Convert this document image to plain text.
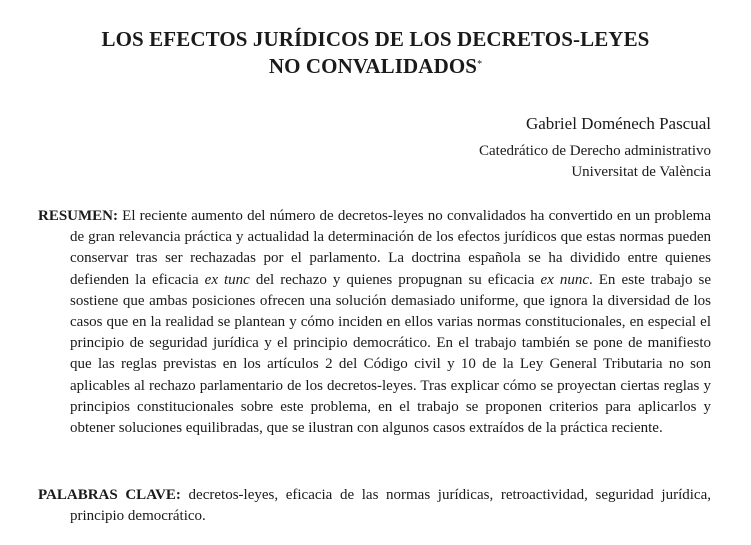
LOS EFECTOS JURÍDICOS DE LOS DECRETOS-LEYES
NO CONVALIDADOS*
Gabriel Doménech Pascual
Catedrático de Derecho administrativo
Universitat de València

RESUMEN: El reciente aumento del número de decretos-leyes no convalidados ha convertido en un problema de gran relevancia práctica y actualidad la determinación de los efectos jurídicos que estas normas pueden conservar tras ser rechazadas por el parlamento. La doctrina española se ha dividido entre quienes defienden la eficacia ex tunc del rechazo y quienes propugnan su eficacia ex nunc. En este trabajo se sostiene que ambas posiciones ofrecen una solución demasiado uniforme, que ignora la diversidad de los casos que en la realidad se plantean y cómo inciden en ellos varias normas constitucionales, en especial el principio de seguridad jurídica y el principio democrático. En el trabajo también se pone de manifiesto que las reglas previstas en los artículos 2 del Código civil y 10 de la Ley General Tributaria no son aplicables al rechazo parlamentario de los decretos-leyes. Tras explicar cómo se proyectan ciertas reglas y principios constitucionales sobre este problema, en el trabajo se proponen criterios para aplicarlos y obtener soluciones equilibradas, que se ilustran con algunos casos extraídos de la práctica reciente.

PALABRAS CLAVE: decretos-leyes, eficacia de las normas jurídicas, retroactividad, seguridad jurídica, principio democrático.
